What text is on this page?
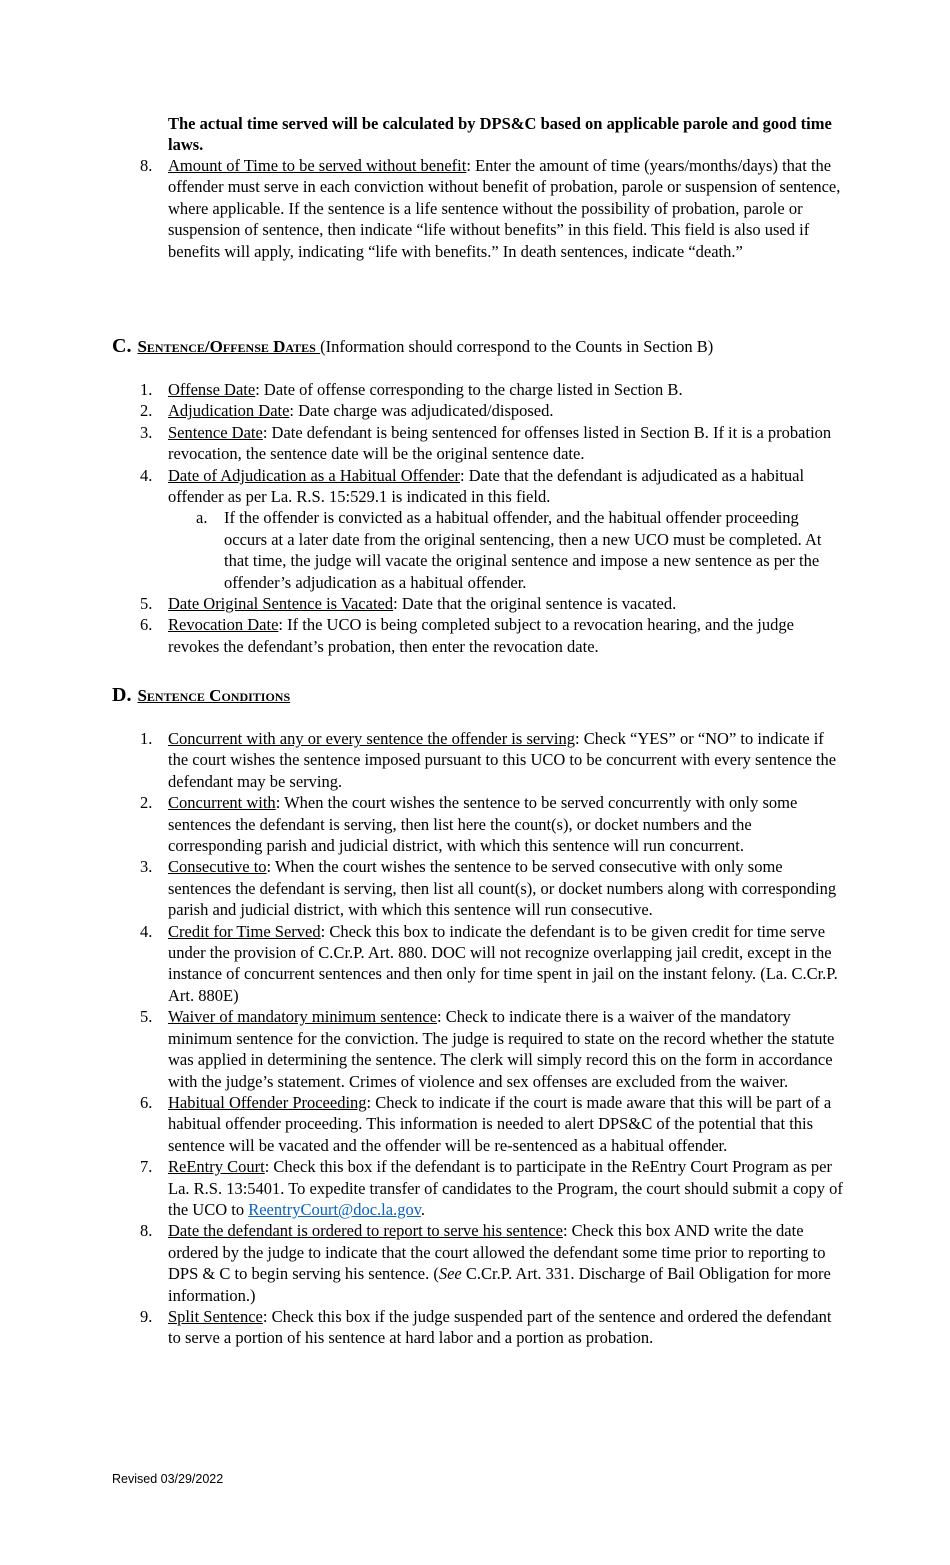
The actual time served will be calculated by DPS&C based on applicable parole and good time laws.
8. Amount of Time to be served without benefit: Enter the amount of time (years/months/days) that the offender must serve in each conviction without benefit of probation, parole or suspension of sentence, where applicable. If the sentence is a life sentence without the possibility of probation, parole or suspension of sentence, then indicate “life without benefits” in this field. This field is also used if benefits will apply, indicating “life with benefits.” In death sentences, indicate “death.”
C. Sentence/Offense Dates (Information should correspond to the Counts in Section B)
1. Offense Date: Date of offense corresponding to the charge listed in Section B.
2. Adjudication Date: Date charge was adjudicated/disposed.
3. Sentence Date: Date defendant is being sentenced for offenses listed in Section B. If it is a probation revocation, the sentence date will be the original sentence date.
4. Date of Adjudication as a Habitual Offender: Date that the defendant is adjudicated as a habitual offender as per La. R.S. 15:529.1 is indicated in this field.
a. If the offender is convicted as a habitual offender, and the habitual offender proceeding occurs at a later date from the original sentencing, then a new UCO must be completed. At that time, the judge will vacate the original sentence and impose a new sentence as per the offender’s adjudication as a habitual offender.
5. Date Original Sentence is Vacated: Date that the original sentence is vacated.
6. Revocation Date: If the UCO is being completed subject to a revocation hearing, and the judge revokes the defendant’s probation, then enter the revocation date.
D. Sentence Conditions
1. Concurrent with any or every sentence the offender is serving: Check “YES” or “NO” to indicate if the court wishes the sentence imposed pursuant to this UCO to be concurrent with every sentence the defendant may be serving.
2. Concurrent with: When the court wishes the sentence to be served concurrently with only some sentences the defendant is serving, then list here the count(s), or docket numbers and the corresponding parish and judicial district, with which this sentence will run concurrent.
3. Consecutive to: When the court wishes the sentence to be served consecutive with only some sentences the defendant is serving, then list all count(s), or docket numbers along with corresponding parish and judicial district, with which this sentence will run consecutive.
4. Credit for Time Served: Check this box to indicate the defendant is to be given credit for time serve under the provision of C.Cr.P. Art. 880. DOC will not recognize overlapping jail credit, except in the instance of concurrent sentences and then only for time spent in jail on the instant felony. (La. C.Cr.P. Art. 880E)
5. Waiver of mandatory minimum sentence: Check to indicate there is a waiver of the mandatory minimum sentence for the conviction. The judge is required to state on the record whether the statute was applied in determining the sentence. The clerk will simply record this on the form in accordance with the judge’s statement. Crimes of violence and sex offenses are excluded from the waiver.
6. Habitual Offender Proceeding: Check to indicate if the court is made aware that this will be part of a habitual offender proceeding. This information is needed to alert DPS&C of the potential that this sentence will be vacated and the offender will be re-sentenced as a habitual offender.
7. ReEntry Court: Check this box if the defendant is to participate in the ReEntry Court Program as per La. R.S. 13:5401. To expedite transfer of candidates to the Program, the court should submit a copy of the UCO to ReentryCourt@doc.la.gov.
8. Date the defendant is ordered to report to serve his sentence: Check this box AND write the date ordered by the judge to indicate that the court allowed the defendant some time prior to reporting to DPS & C to begin serving his sentence. (See C.Cr.P. Art. 331. Discharge of Bail Obligation for more information.)
9. Split Sentence: Check this box if the judge suspended part of the sentence and ordered the defendant to serve a portion of his sentence at hard labor and a portion as probation.
Revised 03/29/2022
